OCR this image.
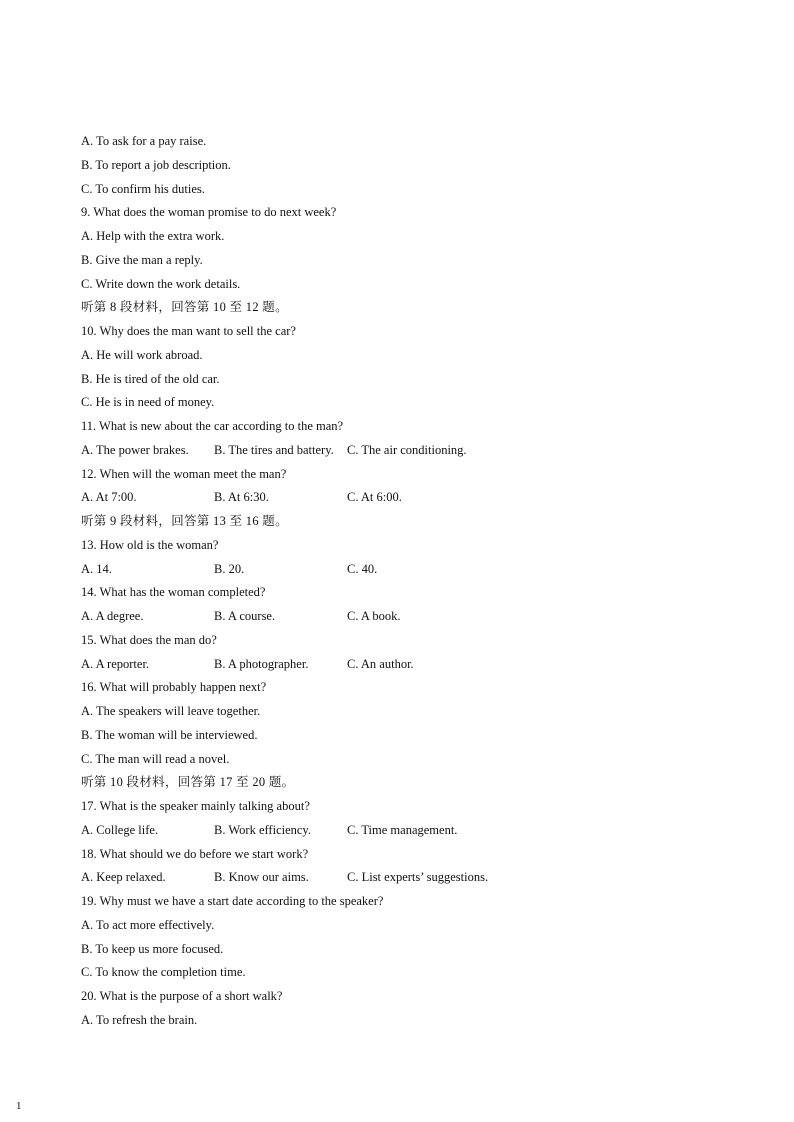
A. To ask for a pay raise.
B. To report a job description.
C. To confirm his duties.
9. What does the woman promise to do next week?
A. Help with the extra work.
B. Give the man a reply.
C. Write down the work details.
听第 8 段材料，回答第 10 至 12 题。
10. Why does the man want to sell the car?
A. He will work abroad.
B. He is tired of the old car.
C. He is in need of money.
11. What is new about the car according to the man?
A. The power brakes. B. The tires and battery. C. The air conditioning.
12. When will the woman meet the man?
A. At 7:00.	B. At 6:30.	C. At 6:00.
听第 9 段材料，回答第 13 至 16 题。
13. How old is the woman?
A. 14.	B. 20.	C. 40.
14. What has the woman completed?
A. A degree.	B. A course.	C. A book.
15. What does the man do?
A. A reporter.	B. A photographer.	C. An author.
16. What will probably happen next?
A. The speakers will leave together.
B. The woman will be interviewed.
C. The man will read a novel.
听第 10 段材料，回答第 17 至 20 题。
17. What is the speaker mainly talking about?
A. College life.	B. Work efficiency.	C. Time management.
18. What should we do before we start work?
A. Keep relaxed.	B. Know our aims.	C. List experts’ suggestions.
19. Why must we have a start date according to the speaker?
A. To act more effectively.
B. To keep us more focused.
C. To know the completion time.
20. What is the purpose of a short walk?
A. To refresh the brain.
1
